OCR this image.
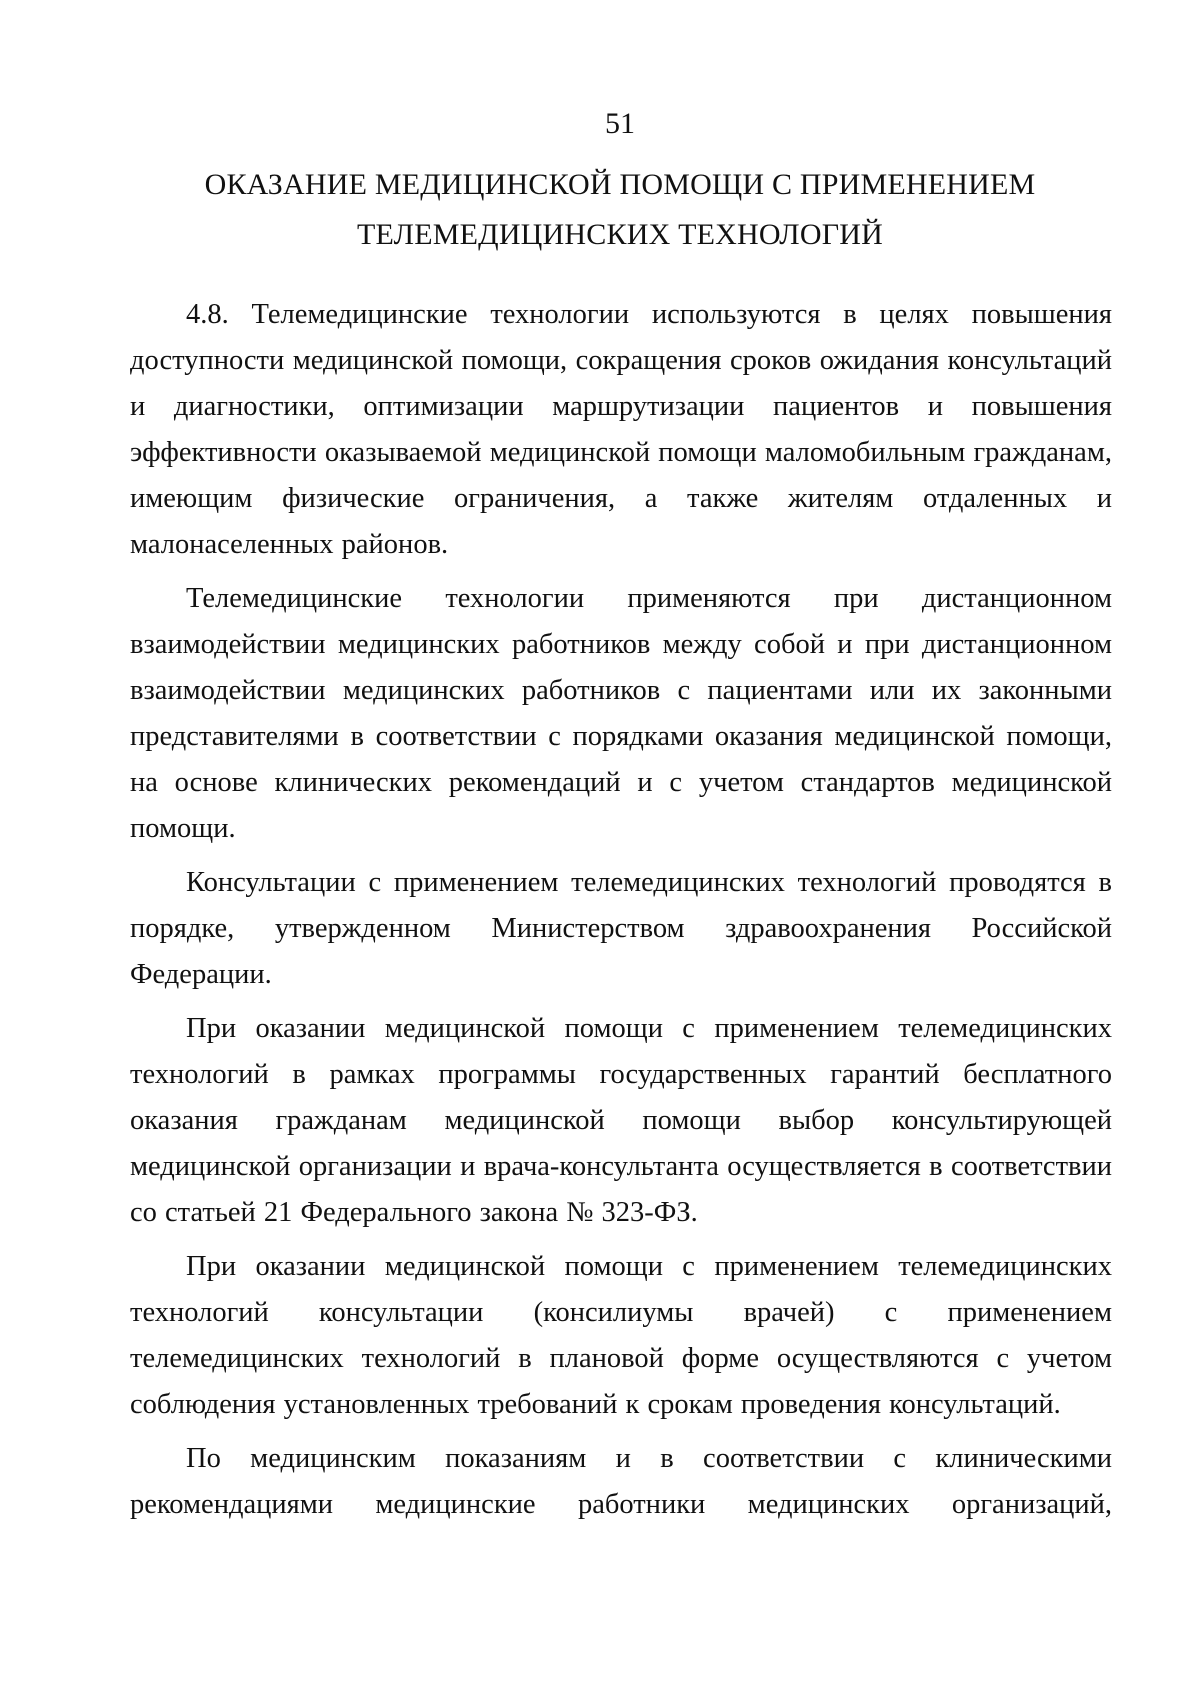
51
ОКАЗАНИЕ МЕДИЦИНСКОЙ ПОМОЩИ С ПРИМЕНЕНИЕМ
ТЕЛЕМЕДИЦИНСКИХ ТЕХНОЛОГИЙ

4.8. Телемедицинские технологии используются в целях повышения доступности медицинской помощи, сокращения сроков ожидания консультаций и диагностики, оптимизации маршрутизации пациентов и повышения эффективности оказываемой медицинской помощи маломобильным гражданам, имеющим физические ограничения, а также жителям отдаленных и малонаселенных районов.

Телемедицинские технологии применяются при дистанционном взаимодействии медицинских работников между собой и при дистанционном взаимодействии медицинских работников с пациентами или их законными представителями в соответствии с порядками оказания медицинской помощи, на основе клинических рекомендаций и с учетом стандартов медицинской помощи.

Консультации с применением телемедицинских технологий проводятся в порядке, утвержденном Министерством здравоохранения Российской Федерации.

При оказании медицинской помощи с применением телемедицинских технологий в рамках программы государственных гарантий бесплатного оказания гражданам медицинской помощи выбор консультирующей медицинской организации и врача-консультанта осуществляется в соответствии со статьей 21 Федерального закона № 323-ФЗ.

При оказании медицинской помощи с применением телемедицинских технологий консультации (консилиумы врачей) с применением телемедицинских технологий в плановой форме осуществляются с учетом соблюдения установленных требований к срокам проведения консультаций.

По медицинским показаниям и в соответствии с клиническими рекомендациями медицинские работники медицинских организаций,
